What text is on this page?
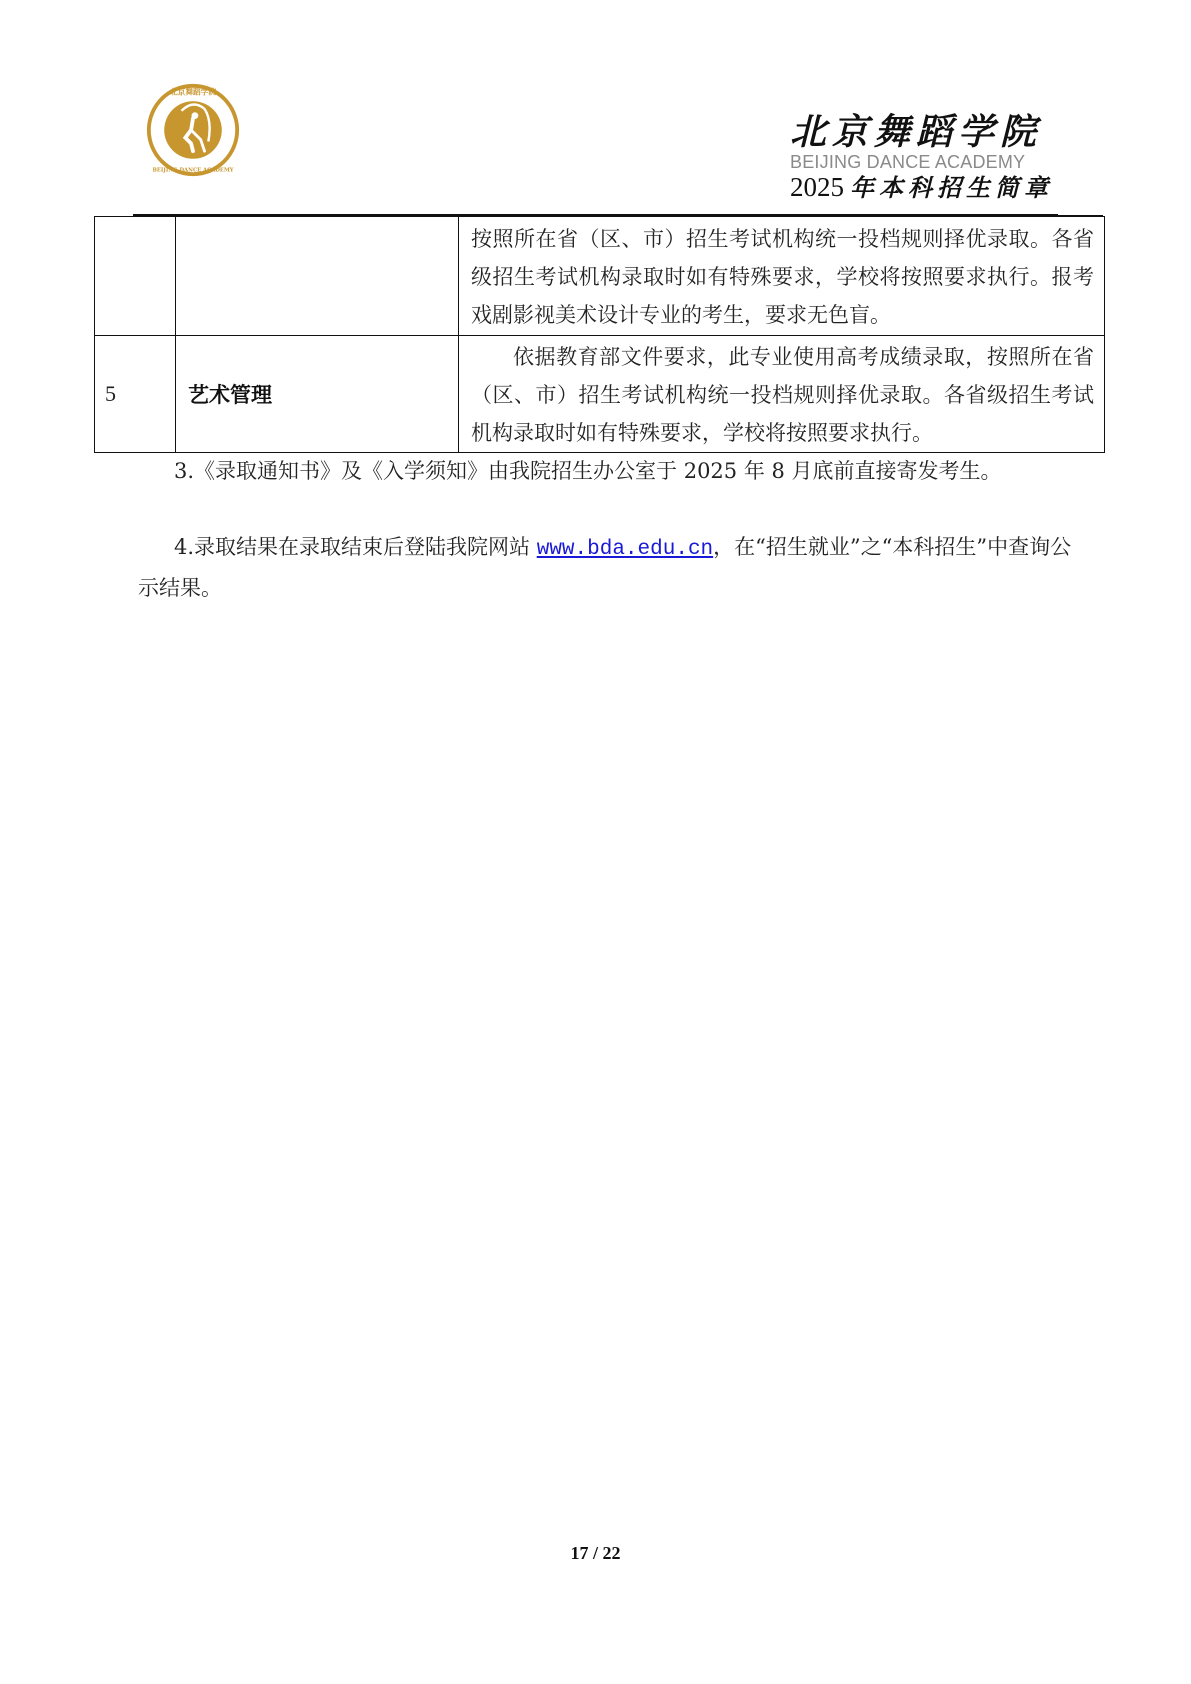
北京舞蹈学院
BEIJING DANCE ACADEMY
北京舞蹈学院
BEIJING DANCE ACADEMY
2025 年本科招生简章
		按照所在省（区、市）招生考试机构统一投档规则择优录取。各省级招生考试机构录取时如有特殊要求，学校将按照要求执行。报考戏剧影视美术设计专业的考生，要求无色盲。
5	艺术管理	依据教育部文件要求，此专业使用高考成绩录取，按照所在省（区、市）招生考试机构统一投档规则择优录取。各省级招生考试机构录取时如有特殊要求，学校将按照要求执行。
3.《录取通知书》及《入学须知》由我院招生办公室于 2025 年 8 月底前直接寄发考生。
4.录取结果在录取结束后登陆我院网站 www.bda.edu.cn，在“招生就业”之“本科招生”中查询公示结果。
17 / 22
